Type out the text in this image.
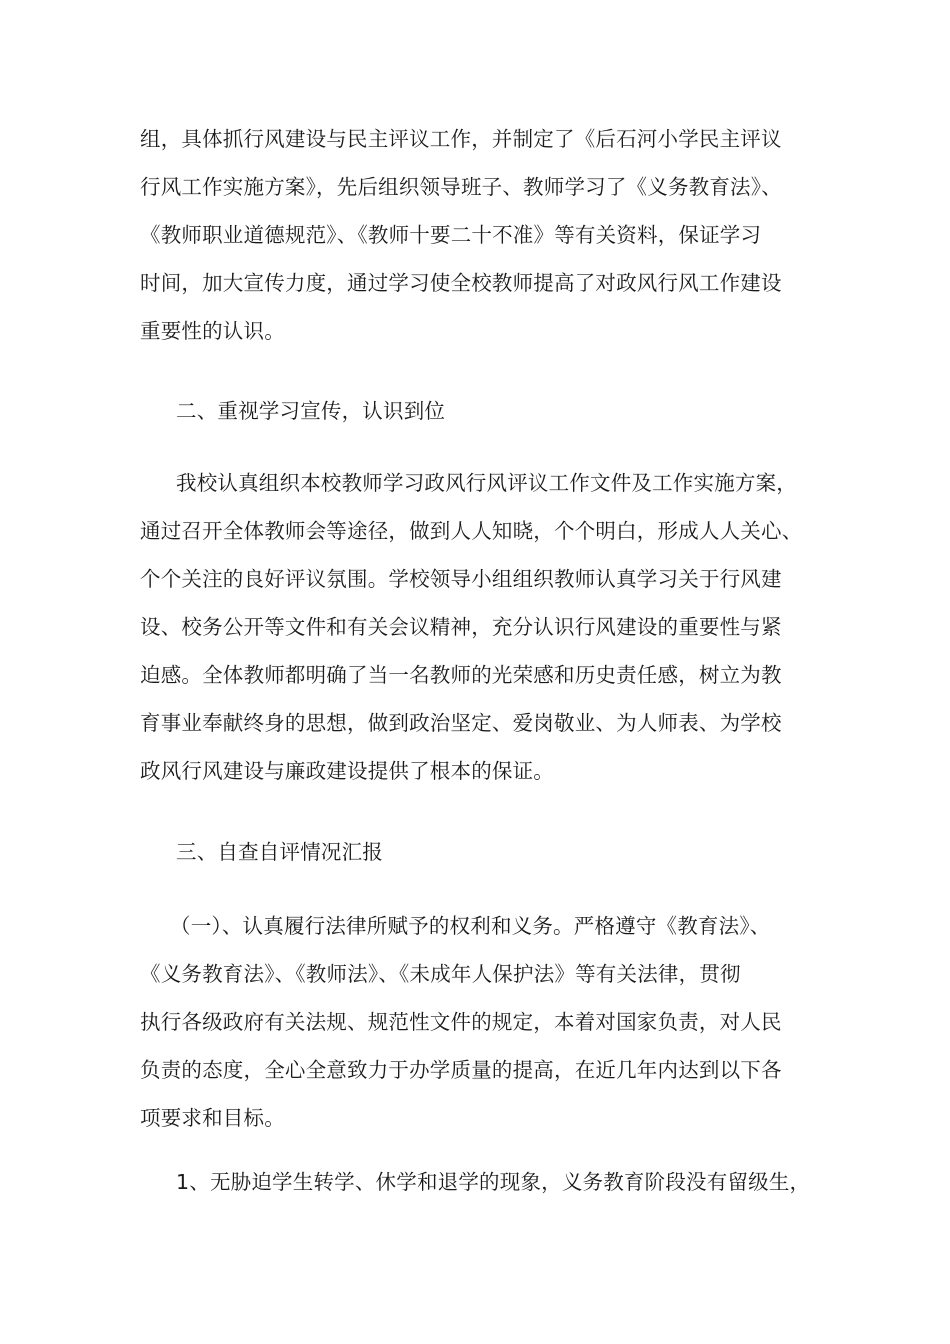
组，具体抓行风建设与民主评议工作，并制定了《后石河小学民主评议
行风工作实施方案》，先后组织领导班子、教师学习了《义务教育法》、
《教师职业道德规范》、《教师十要二十不准》等有关资料，保证学习
时间，加大宣传力度，通过学习使全校教师提高了对政风行风工作建设
重要性的认识。
二、重视学习宣传，认识到位
我校认真组织本校教师学习政风行风评议工作文件及工作实施方案，
通过召开全体教师会等途径，做到人人知晓，个个明白，形成人人关心、
个个关注的良好评议氛围。学校领导小组组织教师认真学习关于行风建
设、校务公开等文件和有关会议精神，充分认识行风建设的重要性与紧
迫感。全体教师都明确了当一名教师的光荣感和历史责任感，树立为教
育事业奉献终身的思想，做到政治坚定、爱岗敬业、为人师表、为学校
政风行风建设与廉政建设提供了根本的保证。
三、自查自评情况汇报
（一）、认真履行法律所赋予的权利和义务。严格遵守《教育法》、
《义务教育法》、《教师法》、《未成年人保护法》等有关法律，贯彻
执行各级政府有关法规、规范性文件的规定，本着对国家负责，对人民
负责的态度，全心全意致力于办学质量的提高，在近几年内达到以下各
项要求和目标。
1、无胁迫学生转学、休学和退学的现象，义务教育阶段没有留级生，
